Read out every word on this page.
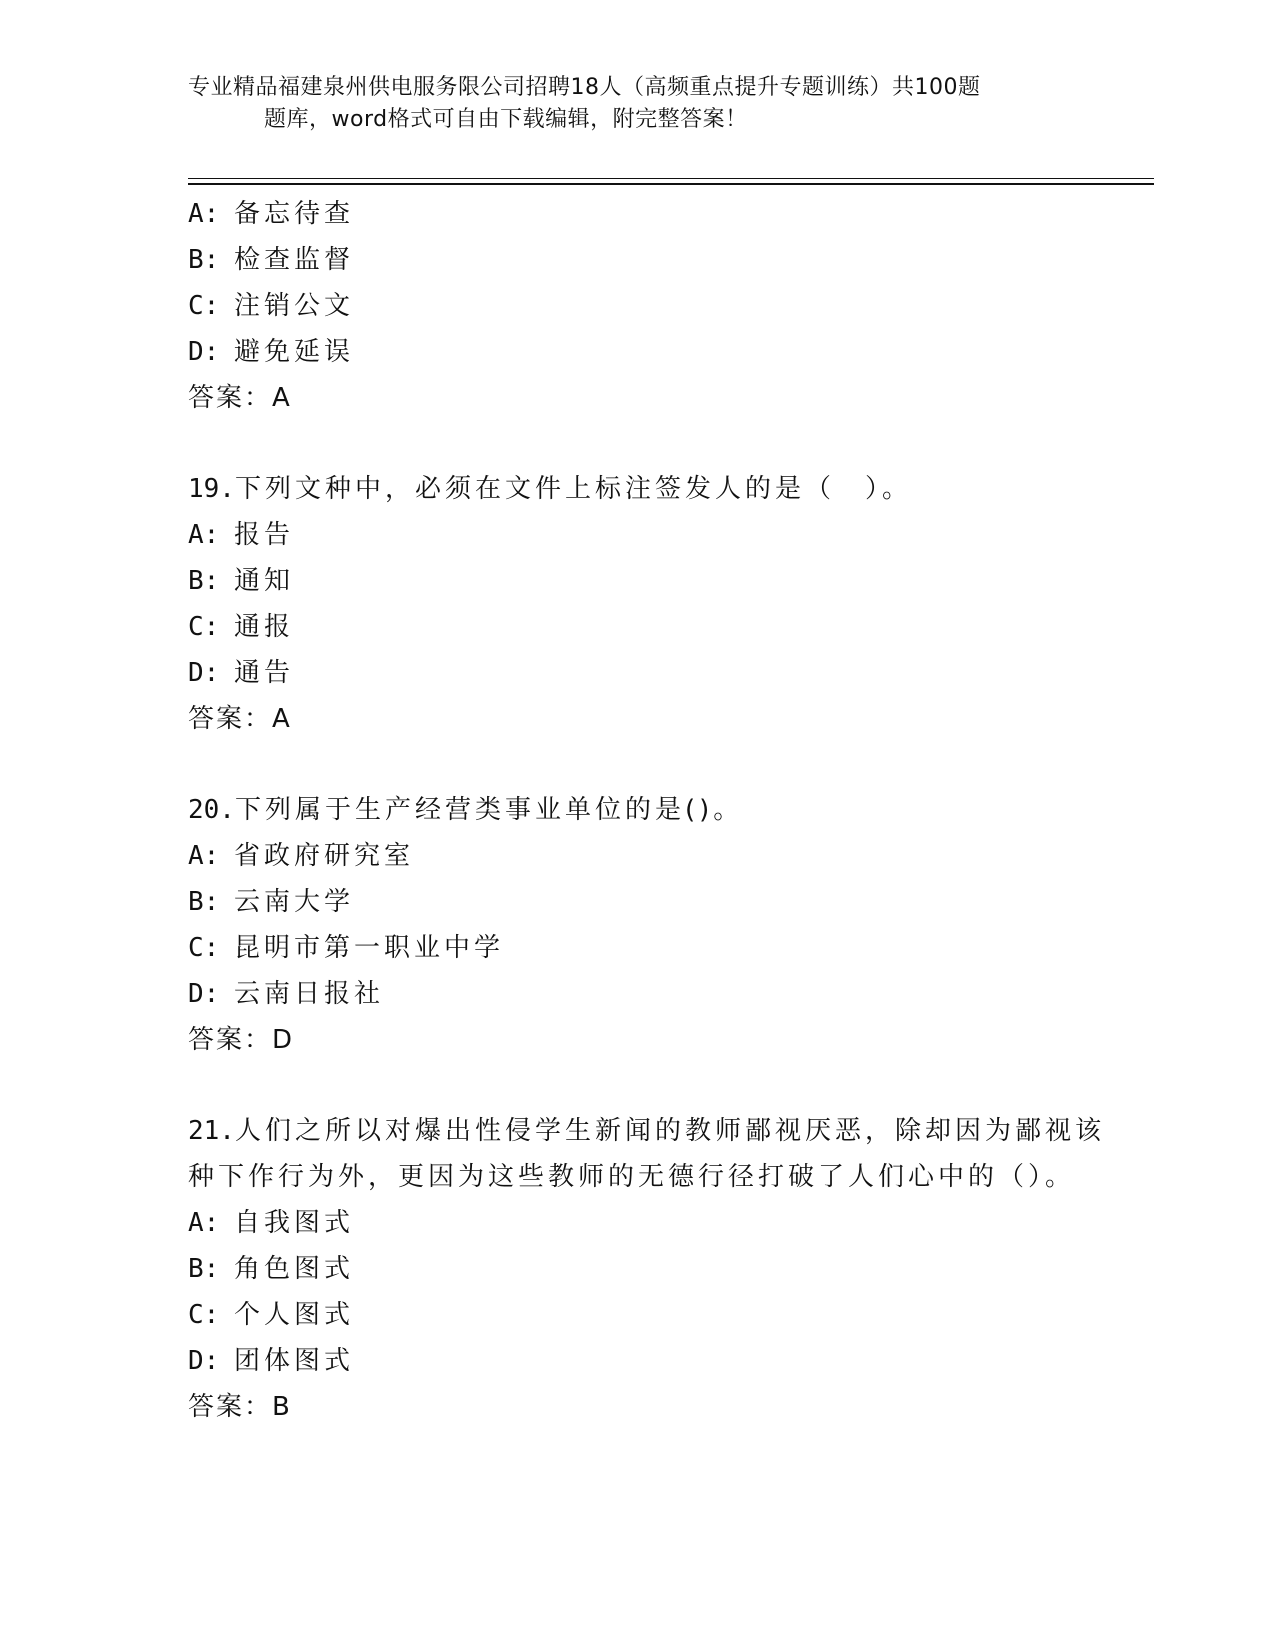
专业精品福建泉州供电服务限公司招聘18人（高频重点提升专题训练）共100题
题库，word格式可自由下载编辑，附完整答案！
A: 备忘待查
B: 检查监督
C: 注销公文
D: 避免延误
答案：A
19.下列文种中，必须在文件上标注签发人的是（　）。
A: 报告
B: 通知
C: 通报
D: 通告
答案：A
20.下列属于生产经营类事业单位的是()。
A: 省政府研究室
B: 云南大学
C: 昆明市第一职业中学
D: 云南日报社
答案：D
21.人们之所以对爆出性侵学生新闻的教师鄙视厌恶，除却因为鄙视该
种下作行为外，更因为这些教师的无德行径打破了人们心中的（）。
A: 自我图式
B: 角色图式
C: 个人图式
D: 团体图式
答案：B
